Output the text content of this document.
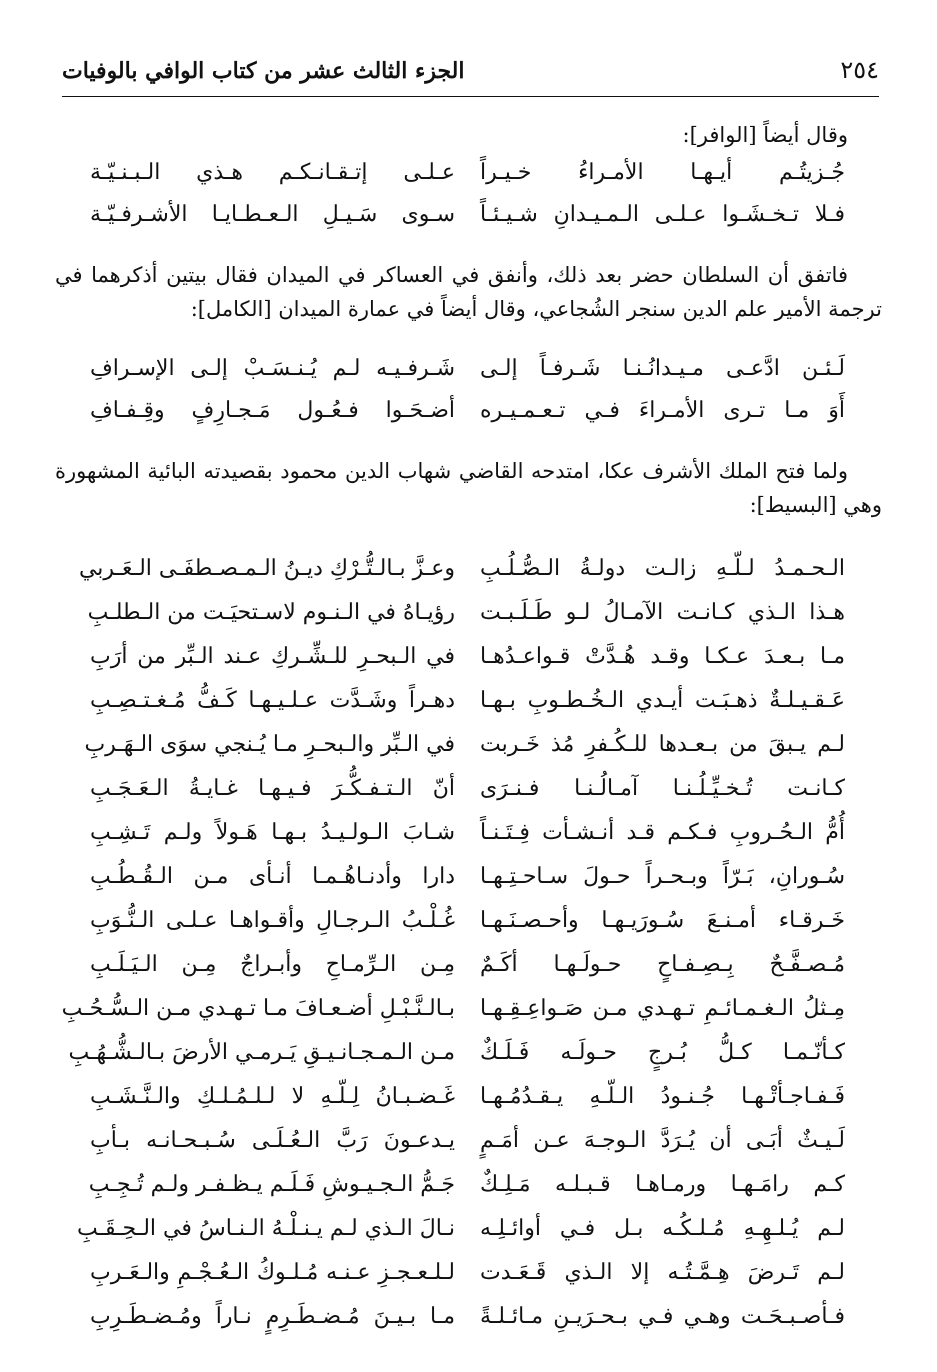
٢٥٤
الجزء الثالث عشر من كتاب الوافي بالوفيات
وقال أيضاً [الوافر]:
جُـزيتُـم أيـهـا الأمـراءُ خـيـراً
عـلـى إتـقـانـكـم هـذي الـبـنـيّـة
فـلا تـخـشَـوا عـلـى الـمـيـدانِ شـيـئـاً
سـوى سَـيـلِ الـعـطـايـا الأشـرفـيّـة
فاتفق أن السلطان حضر بعد ذلك، وأنفق في العساكر في الميدان فقال بيتين أذكرهما في ترجمة الأمير علم الدين سنجر الشُجاعي، وقال أيضاً في عمارة الميدان [الكامل]:
لَـئـن ادَّعـى مـيـدانُـنـا شَـرفـاً إلـى
شَـرفـيـه لـم يُـنـسَـبْ إلـى الإسـرافِ
أَوَ مـا تـرى الأمـراءَ فـي تـعـمـيـره
أضـحَـوا فـعُـول مَـجـارِفٍ وقِـفـافِ
ولما فتح الملك الأشرف عكا، امتدحه القاضي شهاب الدين محمود بقصيدته البائية المشهورة وهي [البسيط]:
الـحـمـدُ لـلّـهِ زالـت دولـةُ الـصُّـلُـبِ
وعـزَّ بـالـتُّـرْكِ ديـنُ الـمـصـطفَـى الـعَـربي
هـذا الـذي كـانـت الآمـالُ لـو طَـلَـبـت
رؤيـاهُ في الـنـوم لاسـتحيَـت من الـطلـبِ
مـا بـعـدَ عـكـا وقـد هُـدَّتْ قـواعـدُهـا
في الـبحـرِ للـشِّـركِ عـند الـبِّر من أرَبِ
عَـقـيـلـةٌ ذهـبَـت أيـدي الـخُـطـوبِ بـهـا
دهـراً وشَـدَّت عـلـيـهـا كَـفُّ مُـغـتـصِـبِ
لـم يـبقَ من بـعـدها للـكُـفرِ مُذ خَـربت
في الـبِّر والـبحـرِ مـا يُـنجي سوَى الـهَـربِ
كـانـت تُـخـيِّـلُـنـا آمـالُـنـا فـنـرَى
أنّ الـتـفـكُّـرَ فـيـهـا غـايـةُ الـعَـجَـبِ
أُمُّ الـحُـروبِ فـكـم قـد أنـشـأت فِـتَـنـاً
شـابَ الـولـيـدُ بـهـا هَـولاً ولـم تَـشِـبِ
سُـورانِ، بَـرّاً وبـحـراً حـولَ سـاحـتِـهـا
دارا وأدنـاهُـمـا أنـأى مـن الـقُـطُـبِ
خَـرقـاء أمـنـعَ سُـورَيـهـا وأحـصـنَـهـا
غُـلْـبُ الـرجـالِ وأقـواهـا عـلـى الـنُّـوَبِ
مُـصـفَّـحٌ بِـصِـفـاحٍ حـولَـهـا أكَـمٌ
مِـن الـرِّمـاحِ وأبـراجٌ مِـن الـيَـلَـبِ
مِـثلُ الـغـمـائـمِ تـهـدي مـن صَـواعِـقِـهـا
بـالـنَّـبْـلِ أضـعـافَ مـا تـهـدي مـن الـسُّـحُـبِ
كـأنّـمـا كـلُّ بُـرجٍ حـولَـه فَـلَـكٌ
مـن الـمـجـانـيـقِ يَـرمـي الأرضَ بـالـشُّـهُـبِ
فَـفـاجـأتْـهـا جُـنـودُ الـلّـهِ يـقـدُمُـهـا
غَـضـبـانُ لِـلّـهِ لا لـلـمُـلـكِ والـنَّـشَـبِ
لَـيـثٌ أبَـى أن يُـرَدَّ الـوجـهَ عـن أمَـمٍ
يـدعـونَ رَبَّ الـعُـلَـى سُـبـحـانـه بـأبِ
كـم رامَـهـا ورمـاهـا قـبـلـه مَـلِـكٌ
جَـمُّ الـجـيـوشِ فَـلَـم يـظـفـر ولـم تُـجِـبِ
لـم يُـلـهِـهِ مُـلـكُـه بـل فـي أوائـلِـه
نـالَ الـذي لـم يـنـلْـهُ الـنـاسُ في الـحِـقَـبِ
لـم تَـرضَ هِـمَّـتُـه إلا الـذي قَـعَـدت
لـلـعـجـزِ عـنـه مُـلـوكُ الـعُـجْـمِ والـعَـربِ
فـأصـبـحَـت وهـي فـي بـحـرَيـنِ مـائـلـةً
مـا بـيـنَ مُـضـطَـرِمٍ نـاراً ومُـضـطَـرِبِ
